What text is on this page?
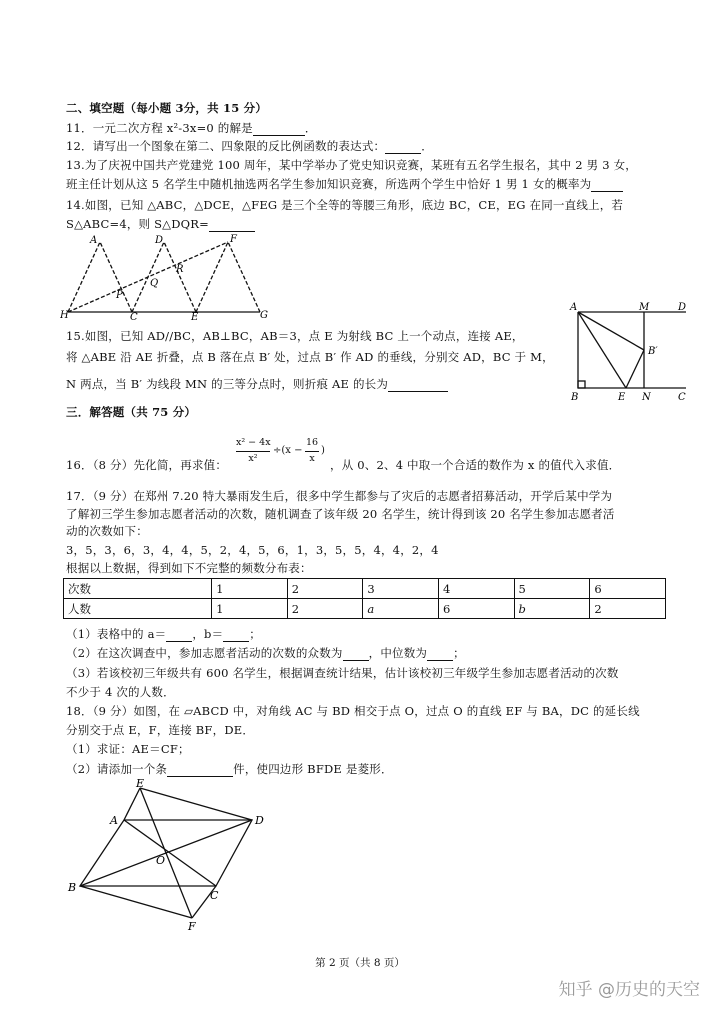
二、填空题（每小题 3分，共 15 分）
11．一元二次方程 x²-3x=0 的解是	．
12．请写出一个图象在第二、四象限的反比例函数的表达式：	．
13.为了庆祝中国共产党建党 100 周年，某中学举办了党史知识竞赛，某班有五名学生报名，其中 2 男 3 女，
班主任计划从这 5 名学生中随机抽选两名学生参加知识竞赛，所选两个学生中恰好 1 男 1 女的概率为
14.如图，已知 △ABC，△DCE，△FEG 是三个全等的等腰三角形，底边 BC，CE，EG 在同一直线上，若
S△ABC=4，则 S△DQR=
A	D	F
P
Q
R
H	C	E	G
15.如图，已知 AD//BC，AB⊥BC，AB＝3，点 E 为射线 BC 上一个动点，连接 AE，
将 △ABE 沿 AE 折叠，点 B 落在点 B′ 处，过点 B′ 作 AD 的垂线，分别交 AD，BC 于 M，
N 两点，当 B′ 为线段 MN 的三等分点时，则折痕 AE 的长为
A	M	D
B′
B	E N	C
三．解答题（共 75 分）
x² − 4x
x²
÷(x −
16
x
)
16．（8 分）先化简，再求值：	，从 0、2、4 中取一个合适的数作为 x 的值代入求值．
17．（9 分）在郑州 7.20 特大暴雨发生后，很多中学生都参与了灾后的志愿者招募活动，开学后某中学为
了解初三学生参加志愿者活动的次数，随机调查了该年级 20 名学生，统计得到该 20 名学生参加志愿者活
动的次数如下：
3，5，3，6，3，4，4，5，2，4，5，6，1，3，5，5，4，4，2，4
根据以上数据，得到如下不完整的频数分布表：
次数	1	2	3	4	5	6
人数	1	2	a	6	b	2
（1）表格中的 a＝ ，b＝ ；
（2）在这次调查中，参加志愿者活动的次数的众数为 ，中位数为 ；
（3）若该校初三年级共有 600 名学生，根据调查统计结果，估计该校初三年级学生参加志愿者活动的次数
不少于 4 次的人数．
18．（9 分）如图，在 ▱ABCD 中，对角线 AC 与 BD 相交于点 O，过点 O 的直线 EF 与 BA，DC 的延长线
分别交于点 E，F，连接 BF，DE．
（1）求证：AE＝CF；
（2）请添加一个条	件，使四边形 BFDE 是菱形．
E
A	D
O
B
C
F
第 2 页（共 8 页）
知乎 @历史的天空
